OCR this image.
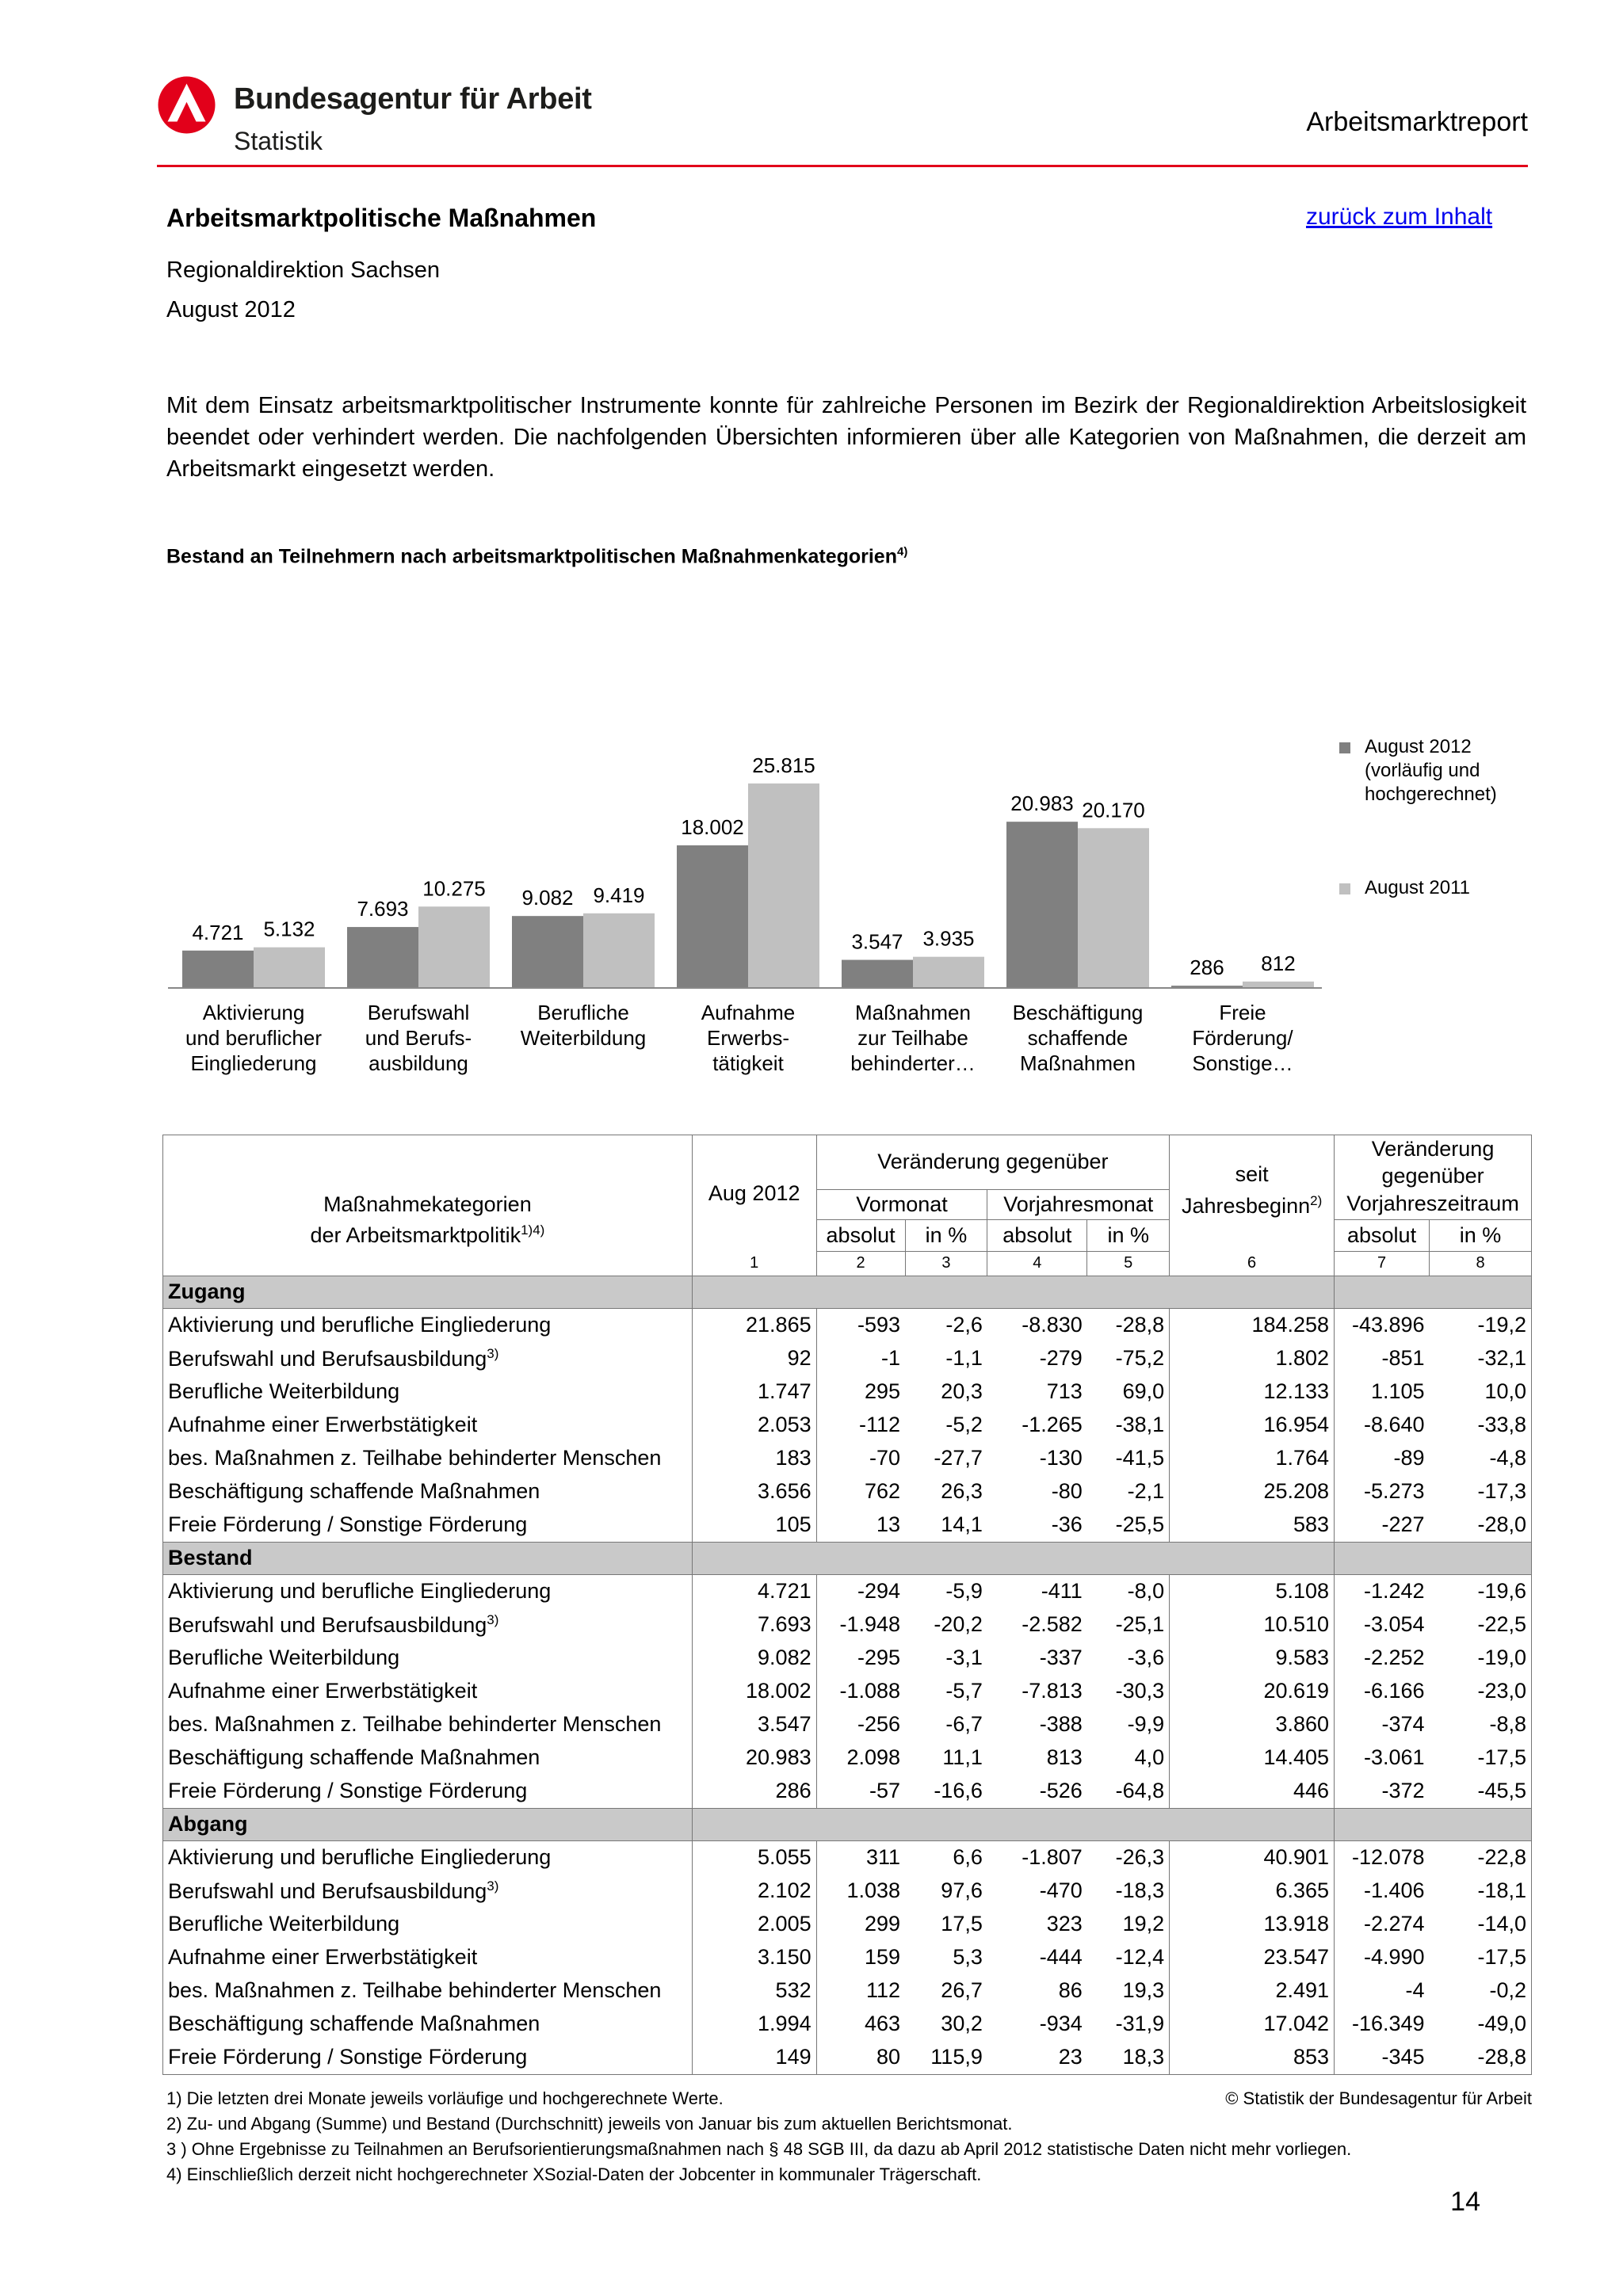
Bundesagentur für Arbeit
Statistik
Arbeitsmarktreport
Arbeitsmarktpolitische Maßnahmen	zurück zum Inhalt
Regionaldirektion Sachsen
August 2012
Mit dem Einsatz arbeitsmarktpolitischer Instrumente konnte für zahlreiche Personen im Bezirk der Regionaldirektion Arbeitslosigkeit beendet oder verhindert werden. Die nachfolgenden Übersichten informieren über alle Kategorien von Maßnahmen, die derzeit am Arbeitsmarkt eingesetzt werden.
Bestand an Teilnehmern nach arbeitsmarktpolitischen Maßnahmenkategorien$^{4)}$
4.721 5.132
Aktivierung
und beruflicher
Eingliederung
7.693
10.275
Berufswahl
und Berufs-
ausbildung
9.082 9.419
Berufliche
Weiterbildung
18.002
25.815
Aufnahme
Erwerbs-
tätigkeit
3.547 3.935
Maßnahmen
zur Teilhabe
behinderter…
20.983 20.170
Beschäftigung
schaffende
Maßnahmen
286 812
Freie
Förderung/
Sonstige…
August 2012
(vorläufig und
hochgerechnet)
August 2011
	Aug 2012	Veränderung gegenüber				seit
Jahresbeginn$^{2)}$	Veränderung
gegenüber	
Maßnahmekategorien		Vormonat		Vorjahresmonat			Vorjahreszeitraum	
der Arbeitsmarktpolitik$^{1)4)}$		absolut	in %	absolut	in %		absolut	in %
	1	2	3	4	5	6	7	8
Zugang								
Aktivierung und berufliche Eingliederung	21.865	-593	-2,6	-8.830	-28,8	184.258	-43.896	-19,2
Berufswahl und Berufsausbildung$^{3)}$	92	-1	-1,1	-279	-75,2	1.802	-851	-32,1
Berufliche Weiterbildung	1.747	295	20,3	713	69,0	12.133	1.105	10,0
Aufnahme einer Erwerbstätigkeit	2.053	-112	-5,2	-1.265	-38,1	16.954	-8.640	-33,8
bes. Maßnahmen z. Teilhabe behinderter Menschen	183	-70	-27,7	-130	-41,5	1.764	-89	-4,8
Beschäftigung schaffende Maßnahmen	3.656	762	26,3	-80	-2,1	25.208	-5.273	-17,3
Freie Förderung / Sonstige Förderung	105	13	14,1	-36	-25,5	583	-227	-28,0
Bestand								
Aktivierung und berufliche Eingliederung	4.721	-294	-5,9	-411	-8,0	5.108	-1.242	-19,6
Berufswahl und Berufsausbildung$^{3)}$	7.693	-1.948	-20,2	-2.582	-25,1	10.510	-3.054	-22,5
Berufliche Weiterbildung	9.082	-295	-3,1	-337	-3,6	9.583	-2.252	-19,0
Aufnahme einer Erwerbstätigkeit	18.002	-1.088	-5,7	-7.813	-30,3	20.619	-6.166	-23,0
bes. Maßnahmen z. Teilhabe behinderter Menschen	3.547	-256	-6,7	-388	-9,9	3.860	-374	-8,8
Beschäftigung schaffende Maßnahmen	20.983	2.098	11,1	813	4,0	14.405	-3.061	-17,5
Freie Förderung / Sonstige Förderung	286	-57	-16,6	-526	-64,8	446	-372	-45,5
Abgang								
Aktivierung und berufliche Eingliederung	5.055	311	6,6	-1.807	-26,3	40.901	-12.078	-22,8
Berufswahl und Berufsausbildung$^{3)}$	2.102	1.038	97,6	-470	-18,3	6.365	-1.406	-18,1
Berufliche Weiterbildung	2.005	299	17,5	323	19,2	13.918	-2.274	-14,0
Aufnahme einer Erwerbstätigkeit	3.150	159	5,3	-444	-12,4	23.547	-4.990	-17,5
bes. Maßnahmen z. Teilhabe behinderter Menschen	532	112	26,7	86	19,3	2.491	-4	-0,2
Beschäftigung schaffende Maßnahmen	1.994	463	30,2	-934	-31,9	17.042	-16.349	-49,0
Freie Förderung / Sonstige Förderung	149	80	115,9	23	18,3	853	-345	-28,8
1) Die letzten drei Monate jeweils vorläufige und hochgerechnete Werte.	© Statistik der Bundesagentur für Arbeit
2) Zu- und Abgang (Summe) und Bestand (Durchschnitt) jeweils von Januar bis zum aktuellen Berichtsmonat.
3 ) Ohne Ergebnisse zu Teilnahmen an Berufsorientierungsmaßnahmen nach § 48 SGB III, da dazu ab April 2012 statistische Daten nicht mehr vorliegen.
4) Einschließlich derzeit nicht hochgerechneter XSozial-Daten der Jobcenter in kommunaler Trägerschaft.
14
